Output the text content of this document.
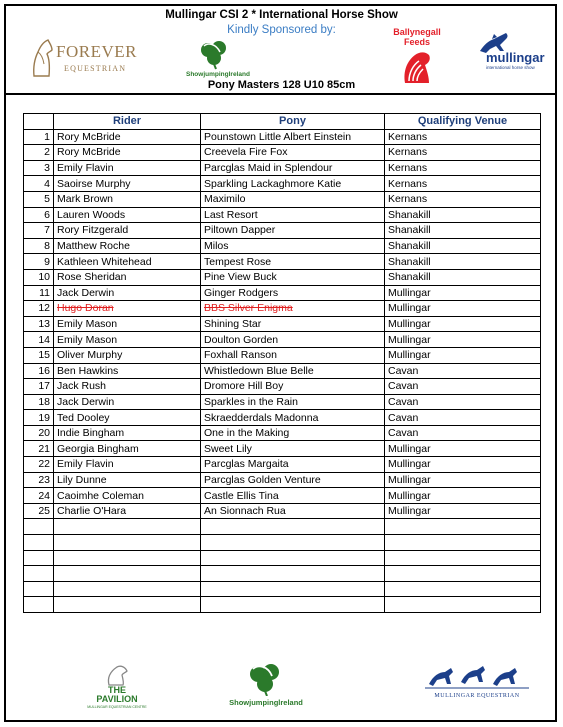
Mullingar CSI 2 * International Horse Show
Kindly Sponsored by:
FOREVER
EQUESTRIAN
Showjumpinglreland
Ballynegall
Feeds
mullingar
international horse show
Pony Masters 128 U10 85cm
	Rider	Pony	Qualifying Venue
1	Rory McBride	Pounstown Little Albert Einstein	Kernans
2	Rory McBride	Creevela Fire Fox	Kernans
3	Emily Flavin	Parcglas Maid in Splendour	Kernans
4	Saoirse Murphy	Sparkling Lackaghmore Katie	Kernans
5	Mark Brown	Maximilo	Kernans
6	Lauren Woods	Last Resort	Shanakill
7	Rory Fitzgerald	Piltown Dapper	Shanakill
8	Matthew Roche	Milos	Shanakill
9	Kathleen Whitehead	Tempest Rose	Shanakill
10	Rose Sheridan	Pine View Buck	Shanakill
11	Jack Derwin	Ginger Rodgers	Mullingar
12	Hugo Doran	BBS Silver Enigma	Mullingar
13	Emily Mason	Shining Star	Mullingar
14	Emily Mason	Doulton Gorden	Mullingar
15	Oliver Murphy	Foxhall Ranson	Mullingar
16	Ben Hawkins	Whistledown Blue Belle	Cavan
17	Jack Rush	Dromore Hill Boy	Cavan
18	Jack Derwin	Sparkles in the Rain	Cavan
19	Ted Dooley	Skraedderdals Madonna	Cavan
20	Indie Bingham	One in the Making	Cavan
21	Georgia Bingham	Sweet Lily	Mullingar
22	Emily Flavin	Parcglas Margaita	Mullingar
23	Lily Dunne	Parcglas Golden Venture	Mullingar
24	Caoimhe Coleman	Castle Ellis Tina	Mullingar
25	Charlie O'Hara	An Sionnach Rua	Mullingar

THE
PAVILION
MULLINGAR EQUESTRIAN CENTRE	Showjumpinglreland
MULLINGAR EQUESTRIAN
